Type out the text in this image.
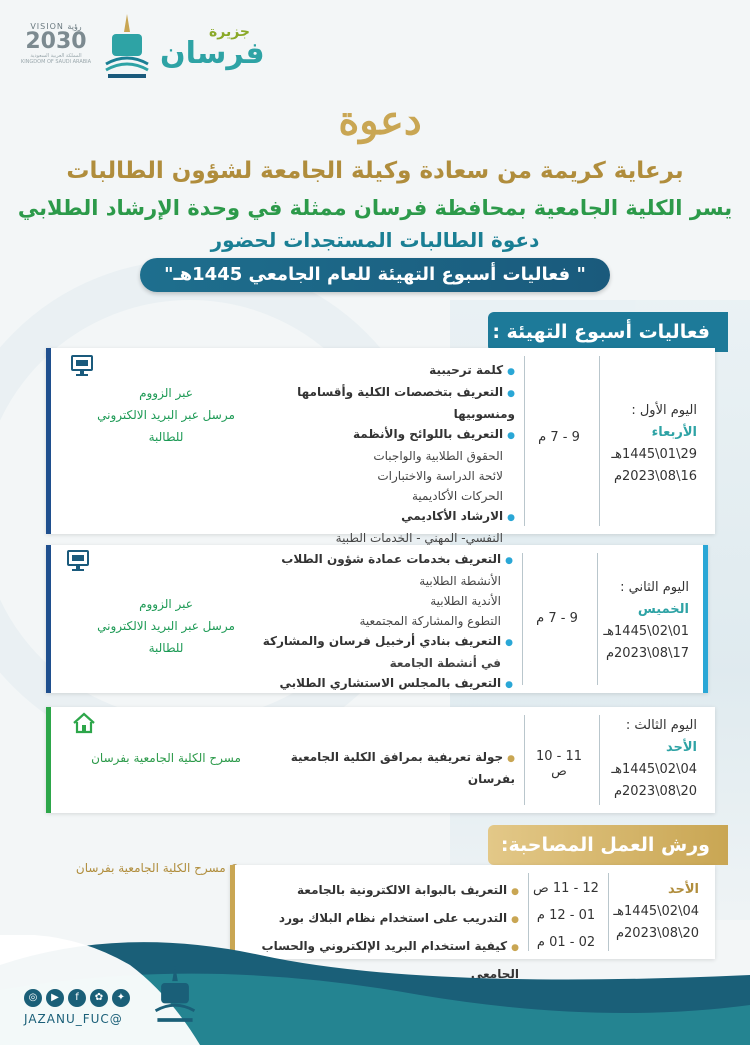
VISION رؤية
2030
المملكة العربية السعودية KINGDOM OF SAUDI ARABIA
جزيرة
فرسان
دعوة
برعاية كريمة من سعادة وكيلة الجامعة لشؤون الطالبات
يسر الكلية الجامعية بمحافظة فرسان ممثلة في وحدة الإرشاد الطلابي
دعوة الطالبات المستجدات لحضور
" فعاليات أسبوع التهيئة للعام الجامعي 1445هـ"
فعاليات أسبوع التهيئة :
اليوم الأول :
الأربعاء
29\01\1445هـ
16\08\2023م
9 - 7 م
● كلمة ترحيبية
● التعريف بتخصصات الكلية وأقسامها ومنسوبيها
● التعريف باللوائح والأنظمة
الحقوق الطلابية والواجبات
لائحة الدراسة والاختبارات
الحركات الأكاديمية
● الارشاد الأكاديمي
النفسي- المهني - الخدمات الطبية
عبر الزووم
مرسل عبر البريد الالكتروني
للطالبة
اليوم الثاني :
الخميس
01\02\1445هـ
17\08\2023م
9 - 7 م
● التعريف بخدمات عمادة شؤون الطلاب
الأنشطة الطلابية
الأندية الطلابية
التطوع والمشاركة المجتمعية
● التعريف بنادي أرخبيل فرسان والمشاركة
في أنشطة الجامعة
● التعريف بالمجلس الاستشاري الطلابي
عبر الزووم
مرسل عبر البريد الالكتروني
للطالبة
اليوم الثالث :
الأحد
04\02\1445هـ
20\08\2023م
11 - 10 ص
● جولة تعريفية بمرافق الكلية الجامعية بفرسان
مسرح الكلية الجامعية بفرسان
ورش العمل المصاحبة:
مسرح الكلية الجامعية بفرسان
الأحد
04\02\1445هـ
20\08\2023م
12 - 11 ص
01 - 12 م
02 - 01 م
● التعريف بالبوابة الالكترونية بالجامعة
● التدريب على استخدام نظام البلاك بورد
● كيفية استخدام البريد الإلكتروني والحساب الجامعي
◎ ▶ f ✿ ✦
JAZANU_FUC@
